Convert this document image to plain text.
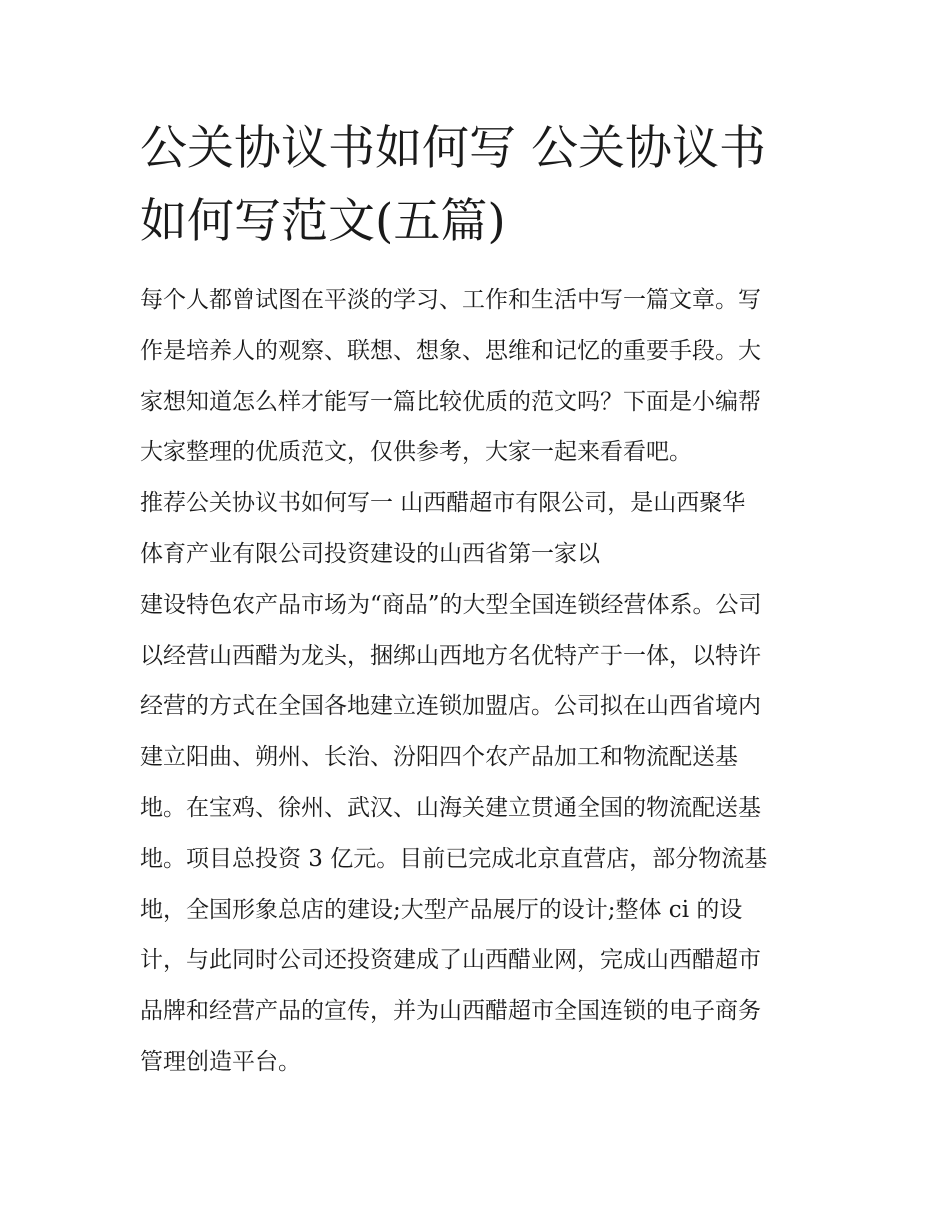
公关协议书如何写 公关协议书
如何写范文(五篇)
每个人都曾试图在平淡的学习、工作和生活中写一篇文章。写
作是培养人的观察、联想、想象、思维和记忆的重要手段。大
家想知道怎么样才能写一篇比较优质的范文吗？下面是小编帮
大家整理的优质范文，仅供参考，大家一起来看看吧。
推荐公关协议书如何写一 山西醋超市有限公司，是山西聚华
体育产业有限公司投资建设的山西省第一家以
建设特色农产品市场为“商品”的大型全国连锁经营体系。公司
以经营山西醋为龙头，捆绑山西地方名优特产于一体，以特许
经营的方式在全国各地建立连锁加盟店。公司拟在山西省境内
建立阳曲、朔州、长治、汾阳四个农产品加工和物流配送基
地。在宝鸡、徐州、武汉、山海关建立贯通全国的物流配送基
地。项目总投资 3 亿元。目前已完成北京直营店，部分物流基
地，全国形象总店的建设;大型产品展厅的设计;整体 ci 的设
计，与此同时公司还投资建成了山西醋业网，完成山西醋超市
品牌和经营产品的宣传，并为山西醋超市全国连锁的电子商务
管理创造平台。
